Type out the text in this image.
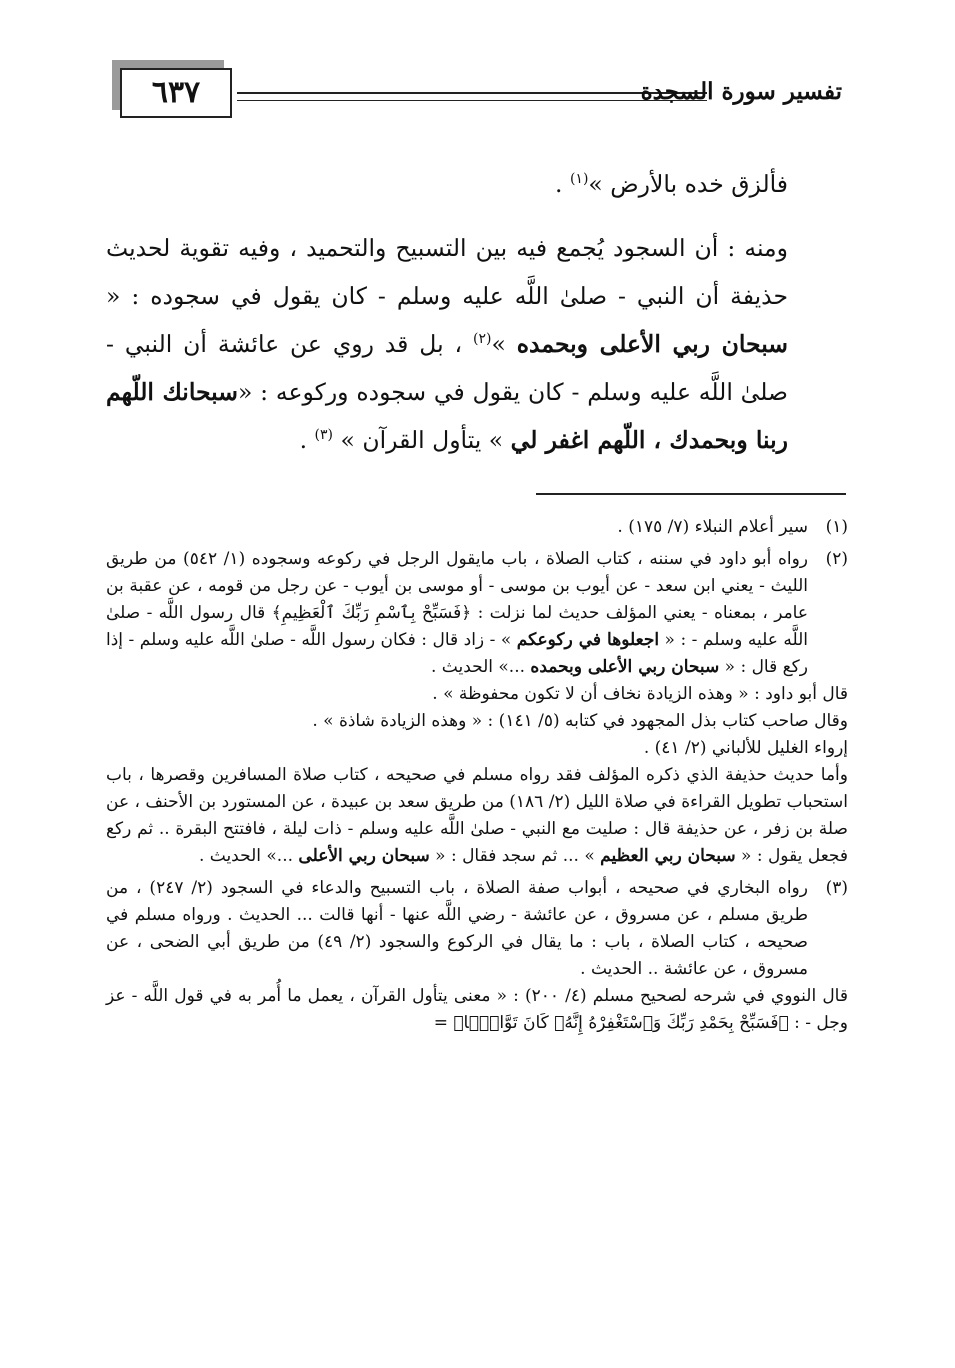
٦٣٧	تفسير سورة السجدة

فألزق خده بالأرض »$^{(١)}$ .

ومنه : أن السجود يُجمع فيه بين التسبيح والتحميد ، وفيه تقوية لحديث حذيفة أن النبي - صلىٰ اللَّه عليه وسلم - كان يقول في سجوده : « سبحان ربي الأعلى وبحمده »$^{(٢)}$ ، بل قد روي عن عائشة أن النبي - صلىٰ اللَّه عليه وسلم - كان يقول في سجوده وركوعه : «سبحانك اللّهم ربنا وبحمدك ، اللّهم اغفر لي » يتأول القرآن » $^{(٣)}$ .

(١)

سير أعلام النبلاء (٧/ ١٧٥) .

(٢)

رواه أبو داود في سننه ، كتاب الصلاة ، باب مايقول الرجل في ركوعه وسجوده (١/ ٥٤٢) من طريق الليث - يعني ابن سعد - عن أيوب بن موسى - أو موسى بن أيوب - عن رجل من قومه ، عن عقبة بن عامر ، بمعناه - يعني المؤلف حديث لما نزلت : ﴿فَسَبِّحْ بِٱسْمِ رَبِّكَ ٱلْعَظِيمِ﴾ قال رسول اللَّه - صلىٰ اللَّه عليه وسلم - : « اجعلوها في ركوعكم » - زاد قال : فكان رسول اللَّه - صلىٰ اللَّه عليه وسلم - إذا ركع قال : « سبحان ربي الأعلى وبحمده ...» الحديث .

قال أبو داود : « وهذه الزيادة نخاف أن لا تكون محفوظة » .

وقال صاحب كتاب بذل المجهود في كتابه (٥/ ١٤١) : « وهذه الزيادة شاذة » .

إرواء الغليل للألباني (٢/ ٤١) .

وأما حديث حذيفة الذي ذكره المؤلف فقد رواه مسلم في صحيحه ، كتاب صلاة المسافرين وقصرها ، باب استحباب تطويل القراءة في صلاة الليل (٢/ ١٨٦) من طريق سعد بن عبيدة ، عن المستورد بن الأحنف ، عن صلة بن زفر ، عن حذيفة قال : صليت مع النبي - صلىٰ اللَّه عليه وسلم - ذات ليلة ، فافتتح البقرة .. ثم ركع فجعل يقول : « سبحان ربي العظيم » ... ثم سجد فقال : « سبحان ربي الأعلى ...» الحديث .

(٣)

رواه البخاري في صحيحه ، أبواب صفة الصلاة ، باب التسبيح والدعاء في السجود (٢/ ٢٤٧) ، من طريق مسلم ، عن مسروق ، عن عائشة - رضي اللَّه عنها - أنها قالت ... الحديث . ورواه مسلم في صحيحه ، كتاب الصلاة ، باب : ما يقال في الركوع والسجود (٢/ ٤٩) من طريق أبي الضحى ، عن مسروق ، عن عائشة .. الحديث .

قال النووي في شرحه لصحيح مسلم (٤/ ٢٠٠) : « معنى يتأول القرآن ، يعمل ما أُمر به في قول اللَّه - عز وجل - : ﴿فَسَبِّحْ بِحَمْدِ رَبِّكَ وَٱسْتَغْفِرْهُ إِنَّهُۥ كَانَ تَوَّابًۢا﴾ =
